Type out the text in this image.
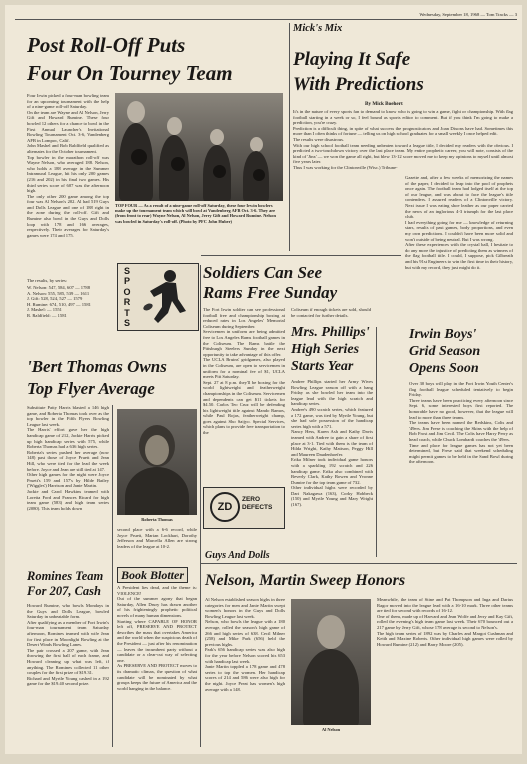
Wednesday, September 18, 1968 — Tom Tracks — 3
Post Roll-Off Puts
Four On Tourney Team
Four Irwin picked a four-man bowling team for an upcoming tournament with the help of a nine-game roll-off Saturday.
On the team are Wayne and Al Nelson, Jerry Gift and Howard Rumine. These four bowled 12 others for a chance to bowl in the First Annual Launcher's Invitational Bowling Tournament Oct. 3-6, Vandenberg AFB in Lompoc, Calif.
John Mashel and Bob Raldfield qualified as alternates for the October tournament.
Top bowler in the marathon roll-off was Wayne Nelson, who averaged 188. Nelson, who holds a 188 average in the Summer Intramural League, hit his only 200 games (216 and 202) in his final two games. His third series score of 607 was the afternoon high.
The only other 200 game among the top four was Al Nelson's 202. Al had 519 Guys and Dolls League and one of 188 right in the zone during the roll-off. Gift and Rumine also bowl in the Guys and Dolls loop with 178 and 166 averages, respectively. Their averages for Saturday's games were 174 and 175.
The results, by series:
W. Nelson: 547, 584, 607 — 1788
A. Nelson: 555, 585, 539 — 1611
J. Gift: 528, 524, 527 — 1579
H. Rumine: 674, 510, 497 — 1581
J. Mashel: — 1551
R. Raldfield: — 1581
TOP FOUR — As a result of a nine-game roll-off Saturday, these four Irwin bowlers make up the tournament team which will bowl at Vandenberg AFB Oct. 3-6. They are (from front to rear) Wayne Nelson, Al Nelson, Jerry Gift and Howard Rumine. Nelson was bowled in Saturday's roll-off. (Photo by PFC John Huber)
SPORTS
'Bert Thomas Owns
Top Flyer Average
Substitute Patty Harris blasted a 146 high game, and Roberta Thomas took over as the top bowler in the Fifth Flyers Bowling League last week.
The Harris' effort gave her the high handicap game of 212, Jackie Harris picked up high handicap series with 575, while Roberta Thomas had a 636 high series.
Roberta's series pushed her average (now 148) past those of Joyce Pruett and Jean Hill, who were tied for the lead the week before. Joyce and Jean are still tied at 147.
Other high games for the night were Joyce Pruett's 159 and 157's by Hilde Bailey ('Wiggles') Harrison and Janie Martin.
Jackie and Carol Hawkins teamed with Loretta Ford and Frances Ricard for high team game (583) and high team series (2080). This team holds down
Roberta Thomas
second place with a 6-6 record, while Joyce Pruett, Marian Lockhart, Dorothy Jefferson and Marcella Allen are strong leaders of the league at 10-2.
Romines Team
For 207, Cash
Howard Rumine, who bowls Mondays in the Guys and Dolls League, bowled Saturday in unbeatable form.
After qualifying as a member of Fort Irwin's four-man tournament team Saturday afternoon, Romines teamed with wife Jean for first place in Moonlight Bowling at the Desert Winds Bowling Lanes.
The pair crossed a 207 game, with Jean throwing the first ball of each frame, and Howard cleaning up what was left, if anything. The Romines collected 11 other couples for the first prize of $19.31.
Richard and Myrtle Young cashed in a 192 game for the $19.40 second prize.
Book Blotter
A President lies dead, and the theme is: VIOLENCE!
Out of the summer agony that began Saturday, Allen Drury has drawn another of his frighteningly prophetic political novels of many human dimensions.
Starting where CAPABLE OF HONOR left off, PRESERVE AND PROTECT describes the mass that overtakes America and the world when the suspicious death of the President — just after his renomination — leaves the incumbent party without a candidate or a clear-cut way of selecting one.
As PRESERVE AND PROTECT moves to its dramatic climax, the question of what candidate will be nominated by what groups keeps the future of America and the world hanging in the balance.
Mick's Mix
Playing It Safe
With Predictions
By Mick Boehert
It's in the nature of every sports fan to demand to know who is going to win a game, fight or championship. With flag football starting in a week or so, I feel bound as sports editor to comment. But if you think I'm going to make a prediction, you're crazy.
Prediction is a difficult thing, in spite of what success the prognosticators and Joan Dixons have had. Sometimes this more than I often thinks of fortune — telling us on high school graduates for a small weekly I once helped edit.
The results were disastrous.
With our high school football team needing unbeaten toward a league title, I decided my readers with the obvious. I predicted a two-touchdown victory over the last place team. My entire prophetic career, you will note, consists of the kind of 'Jinx' — we won the game all right, but blew 13-12 score moved me to keep my opinions to myself until almost five years later.
Thus I was working for the Clintonville (Wisc.) Tribune-
Gazette and, after a few weeks of memorizing the names of the paper, I decided to leap into the pool of prophets once again. The football team had lodged itself at the top of our league, and was about to face the league's title contenders. I assured readers of a Clintonville victory. Next issue I was eating shoe leather as our paper carried the news of an inglorious 4-3 triumph for the last place club.
I had everything going for me — knowledge of returning stars, results of past games, body proportions, and even my own predictions. I couldn't have been more solid and won't outside of being neutral. But I was wrong.
After these experiences with the crystal ball, I hesitate to do any more the injustice of predicting them as winners of the flag football title. I could, I suppose, pick Gilbreath and his 91st Engineers to win the first time in their history, but with my record, they just might do it.
Soldiers Can See
Rams Free Sunday
The Fort Irwin soldier can see professional football free and championship boxing at reduced rates in Los Angeles' Memorial Coliseum during September.
Servicemen in uniform are being admitted free to Los Angeles Rams football games in the Coliseum. The Rams battle the Pittsburgh Steelers Sunday in the next opportunity to take advantage of this offer.
The UCLA Bruins' gridgames, also played in the Coliseum, are open to servicemen in uniform for a nominal fee of $1, UCLA meets Pitt Saturday.
Sept. 27 at 8 p.m. they'll be boxing for the world lightweight and featherweight championships in the Coliseum. Servicemen and dependents can get $11 tickets for $4.50. Carlos Teo Cruz will be defending his lightweight title against Mando Ramos, while Paul Rojas, featherweight champ, goes against Sho Saijyo. Special Services, which plans to provide free transportation to the
Coliseum if enough tickets are sold, should be contacted for further details.
Mrs. Phillips'
High Series
Starts Year
Andree Phillips started her Army Wives Bowling League season off with a bang Friday as she bowled her team into the league lead with the high scratch and handicap series.
Andree's 490 scratch series, which featured a 172 game, was tied by Myrtle Young, but she had sole possession of the handicap series high with a 571.
Nancy Hess, Karen Ash and Kathy Davis teamed with Andree to gain a share of first place at 3-1. Tied with them is the team of Hilda Wright, Kathy Mattson, Peggy Hill and Maureen Daudenhoefer.
Erika Milner took individual game honors with a sparkling 192 scratch and 226 handicap game. Erika also combined with Beverly Clark, Kathy Bowen and Yvonne Dumire for the top team game of 732.
Other individual highs were recorded by Dari Nakagawa (163), Corky Hobbeck (150) and Myrtle Young and Mary Wright (167).
ZD
ZERO DEFECTS
Guys And Dolls
Irwin Boys'
Grid Season
Opens Soon
Over 30 boys will play in the Fort Irwin Youth Center's flag football league scheduled tentatively to begin Friday.
Three teams have been practicing every afternoon since Sept. 6, some interested boys first reported. The honorable have no good, however, that the league will lead to more than three teams.
The teams have been named the Redskins, Colts and '49ers. Jim Frese is coaching the Skins with the help of Bob Frost and Jim Cecil. The Colts have Harry Perry as head coach, while Chuck Lombardi coaches the '49ers.
Time and place for league games has not yet been determined, but Frese said that weekend scheduling might permit games to be held in the Sand Bowl during the afternoon.
Nelson, Martin Sweep Honors
Al Nelson established season highs in three categories for men and Janie Martin swept women's honors in the Guys and Dolls Bowling League last week.
Nelson, who bowls the league with a 180 average, rolled the season's high game of 266 and high series of 638. Cecil Milner (258) and Mike Park (656) held the previous highs.
Park's 656 handicap series was also high for the year before Nelson scored his 653 with handicap last week.
Janie Martin toppled a 178 game and 478 series to top the women. Her handicap scores of 214 and 586 were also high for the night. Joyce Preat has women's high average with a 148.
Al Nelson
Meanwhile, the team of Stine and Pat Thompson and Inga and Darius Ragor moved into the league lead with a 16-10 mark. Three other teams are tied for second with records of 16-12.
One of them, made up of Harvard and Jean Wolfe and Jerry and Kay Gift, rolled the evening's high team game last week. Their 670 bounced out a 217 game by Jerry Gift, whose 178 average is second to Nelson's.
The high team series of 1892 was by Charles and Margot Cushman and Keith and Maxine Roberts. Other individual high games were rolled by Howard Rumine (212) and Barry Moore (205).
